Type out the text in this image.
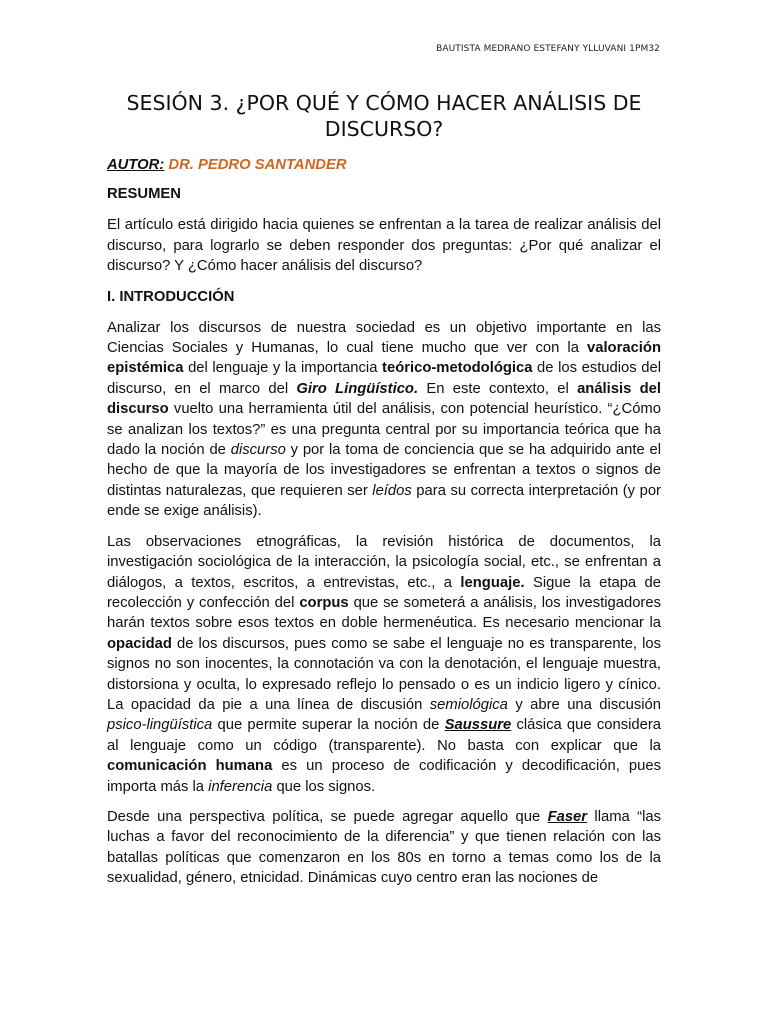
BAUTISTA MEDRANO ESTEFANY YLLUVANI 1PM32
SESIÓN 3. ¿POR QUÉ Y CÓMO HACER ANÁLISIS DE DISCURSO?

AUTOR: DR. PEDRO SANTANDER

RESUMEN

El artículo está dirigido hacia quienes se enfrentan a la tarea de realizar análisis del discurso, para lograrlo se deben responder dos preguntas: ¿Por qué analizar el discurso? Y ¿Cómo hacer análisis del discurso?

I. INTRODUCCIÓN

Analizar los discursos de nuestra sociedad es un objetivo importante en las Ciencias Sociales y Humanas, lo cual tiene mucho que ver con la valoración epistémica del lenguaje y la importancia teórico-metodológica de los estudios del discurso, en el marco del Giro Lingüístico. En este contexto, el análisis del discurso vuelto una herramienta útil del análisis, con potencial heurístico. “¿Cómo se analizan los textos?” es una pregunta central por su importancia teórica que ha dado la noción de discurso y por la toma de conciencia que se ha adquirido ante el hecho de que la mayoría de los investigadores se enfrentan a textos o signos de distintas naturalezas, que requieren ser leídos para su correcta interpretación (y por ende se exige análisis).

Las observaciones etnográficas, la revisión histórica de documentos, la investigación sociológica de la interacción, la psicología social, etc., se enfrentan a diálogos, a textos, escritos, a entrevistas, etc., a lenguaje. Sigue la etapa de recolección y confección del corpus que se someterá a análisis, los investigadores harán textos sobre esos textos en doble hermenéutica. Es necesario mencionar la opacidad de los discursos, pues como se sabe el lenguaje no es transparente, los signos no son inocentes, la connotación va con la denotación, el lenguaje muestra, distorsiona y oculta, lo expresado reflejo lo pensado o es un indicio ligero y cínico. La opacidad da pie a una línea de discusión semiológica y abre una discusión psico-lingüística que permite superar la noción de Saussure clásica que considera al lenguaje como un código (transparente). No basta con explicar que la comunicación humana es un proceso de codificación y decodificación, pues importa más la inferencia que los signos.

Desde una perspectiva política, se puede agregar aquello que Faser llama “las luchas a favor del reconocimiento de la diferencia” y que tienen relación con las batallas políticas que comenzaron en los 80s en torno a temas como los de la sexualidad, género, etnicidad. Dinámicas cuyo centro eran las nociones de
